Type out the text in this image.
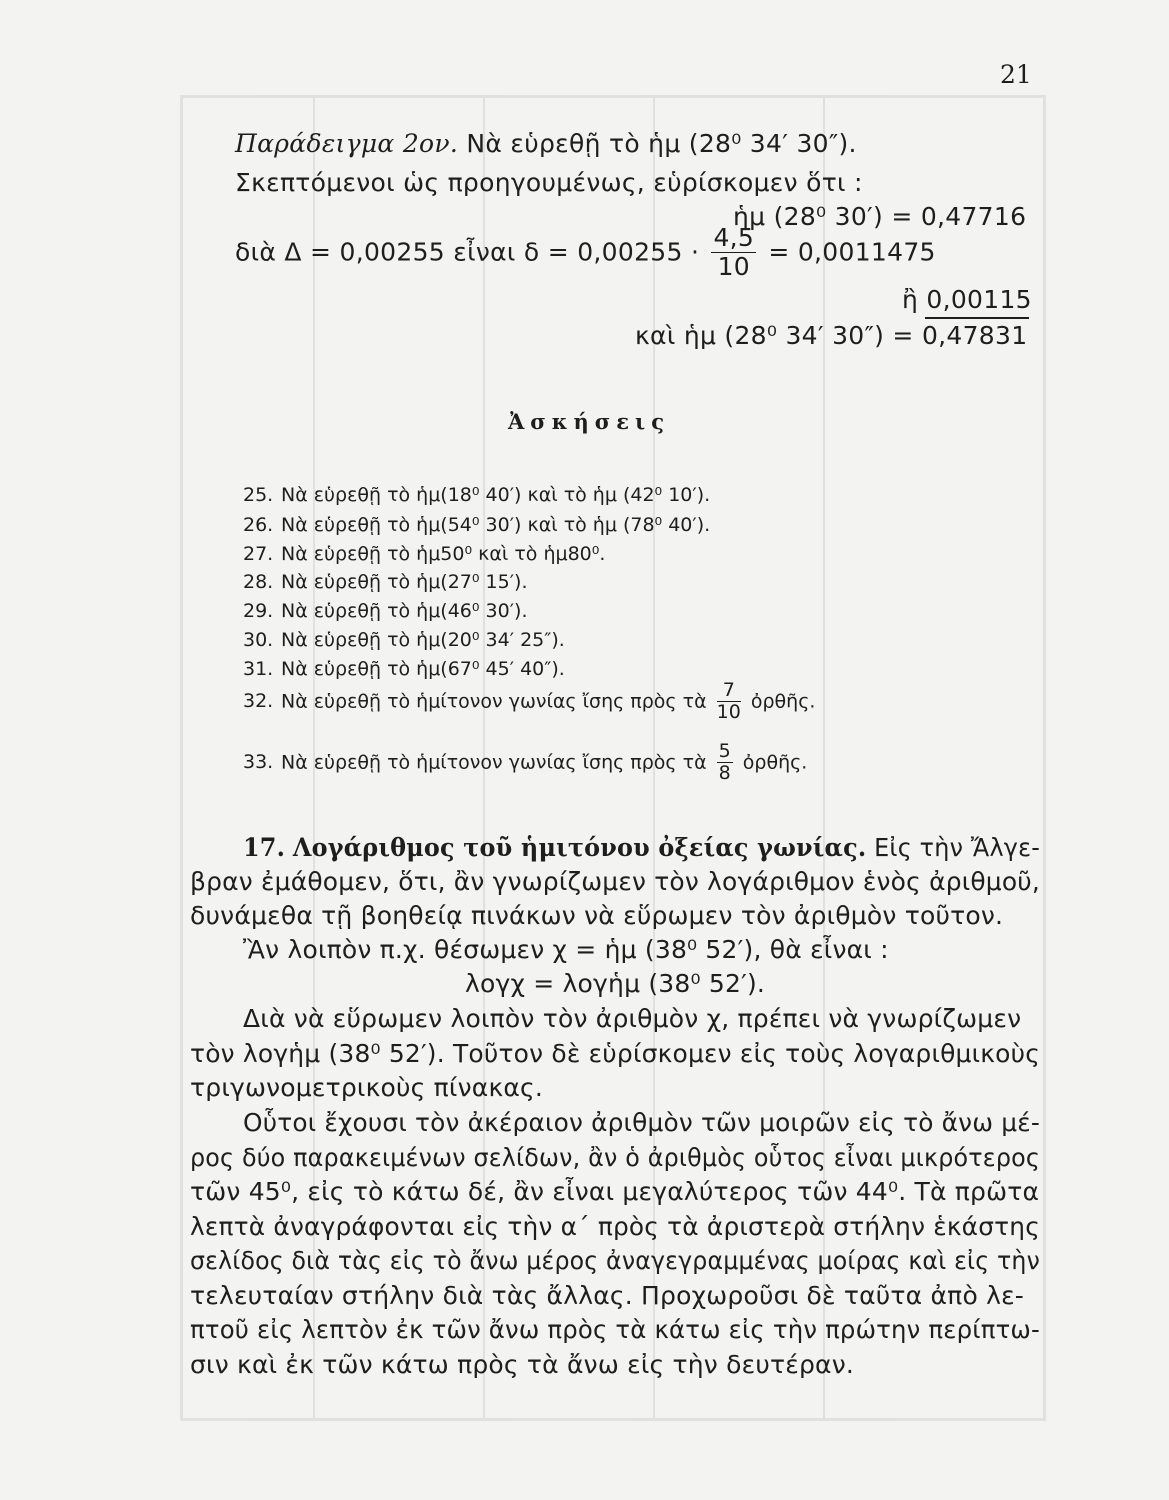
21
Παράδειγμα 2ον. Νὰ εὑρεθῇ τὸ ἡμ (28⁰ 34′ 30″).
Σκεπτόμενοι ὡς προηγουμένως, εὑρίσκομεν ὅτι :
ἡμ (28⁰ 30′) = 0,47716
διὰ Δ = 0,00255 εἶναι $\delta = 0,00255 \cdot \frac{4,5}{10} = 0,0011475$
ἢ 0,00115
καὶ ἡμ (28⁰ 34′ 30″) = 0,47831
Ἀσκήσεις
25. Νὰ εὑρεθῇ τὸ ἡμ(18⁰ 40′) καὶ τὸ ἡμ (42⁰ 10′).
26. Νὰ εὑρεθῇ τὸ ἡμ(54⁰ 30′) καὶ τὸ ἡμ (78⁰ 40′).
27. Νὰ εὑρεθῇ τὸ ἡμ50⁰ καὶ τὸ ἡμ80⁰.
28. Νὰ εὑρεθῇ τὸ ἡμ(27⁰ 15′).
29. Νὰ εὑρεθῇ τὸ ἡμ(46⁰ 30′).
30. Νὰ εὑρεθῇ τὸ ἡμ(20⁰ 34′ 25″).
31. Νὰ εὑρεθῇ τὸ ἡμ(67⁰ 45′ 40″).
32. Νὰ εὑρεθῇ τὸ ἡμίτονον γωνίας ἴσης πρὸς τὰ $\frac{7}{10}$ ὀρθῆς.
33. Νὰ εὑρεθῇ τὸ ἡμίτονον γωνίας ἴσης πρὸς τὰ $\frac{5}{8}$ ὀρθῆς.
17. Λογάριθμος τοῦ ἡμιτόνου ὀξείας γωνίας. Εἰς τὴν Ἄλγε-
βραν ἐμάθομεν, ὅτι, ἂν γνωρίζωμεν τὸν λογάριθμον ἑνὸς ἀριθμοῦ,
δυνάμεθα τῇ βοηθείᾳ πινάκων νὰ εὕρωμεν τὸν ἀριθμὸν τοῦτον.
Ἂν λοιπὸν π.χ. θέσωμεν χ = ἡμ (38⁰ 52′), θὰ εἶναι :
λογχ = λογἡμ (38⁰ 52′).
Διὰ νὰ εὕρωμεν λοιπὸν τὸν ἀριθμὸν χ, πρέπει νὰ γνωρίζωμεν
τὸν λογἡμ (38⁰ 52′). Τοῦτον δὲ εὑρίσκομεν εἰς τοὺς λογαριθμικοὺς
τριγωνομετρικοὺς πίνακας.
Οὗτοι ἔχουσι τὸν ἀκέραιον ἀριθμὸν τῶν μοιρῶν εἰς τὸ ἄνω μέ-
ρος δύο παρακειμένων σελίδων, ἂν ὁ ἀριθμὸς οὗτος εἶναι μικρότερος
τῶν 45⁰, εἰς τὸ κάτω δέ, ἂν εἶναι μεγαλύτερος τῶν 44⁰. Τὰ πρῶτα
λεπτὰ ἀναγράφονται εἰς τὴν α΄ πρὸς τὰ ἀριστερὰ στήλην ἑκάστης
σελίδος διὰ τὰς εἰς τὸ ἄνω μέρος ἀναγεγραμμένας μοίρας καὶ εἰς τὴν
τελευταίαν στήλην διὰ τὰς ἄλλας. Προχωροῦσι δὲ ταῦτα ἀπὸ λε-
πτοῦ εἰς λεπτὸν ἐκ τῶν ἄνω πρὸς τὰ κάτω εἰς τὴν πρώτην περίπτω-
σιν καὶ ἐκ τῶν κάτω πρὸς τὰ ἄνω εἰς τὴν δευτέραν.
